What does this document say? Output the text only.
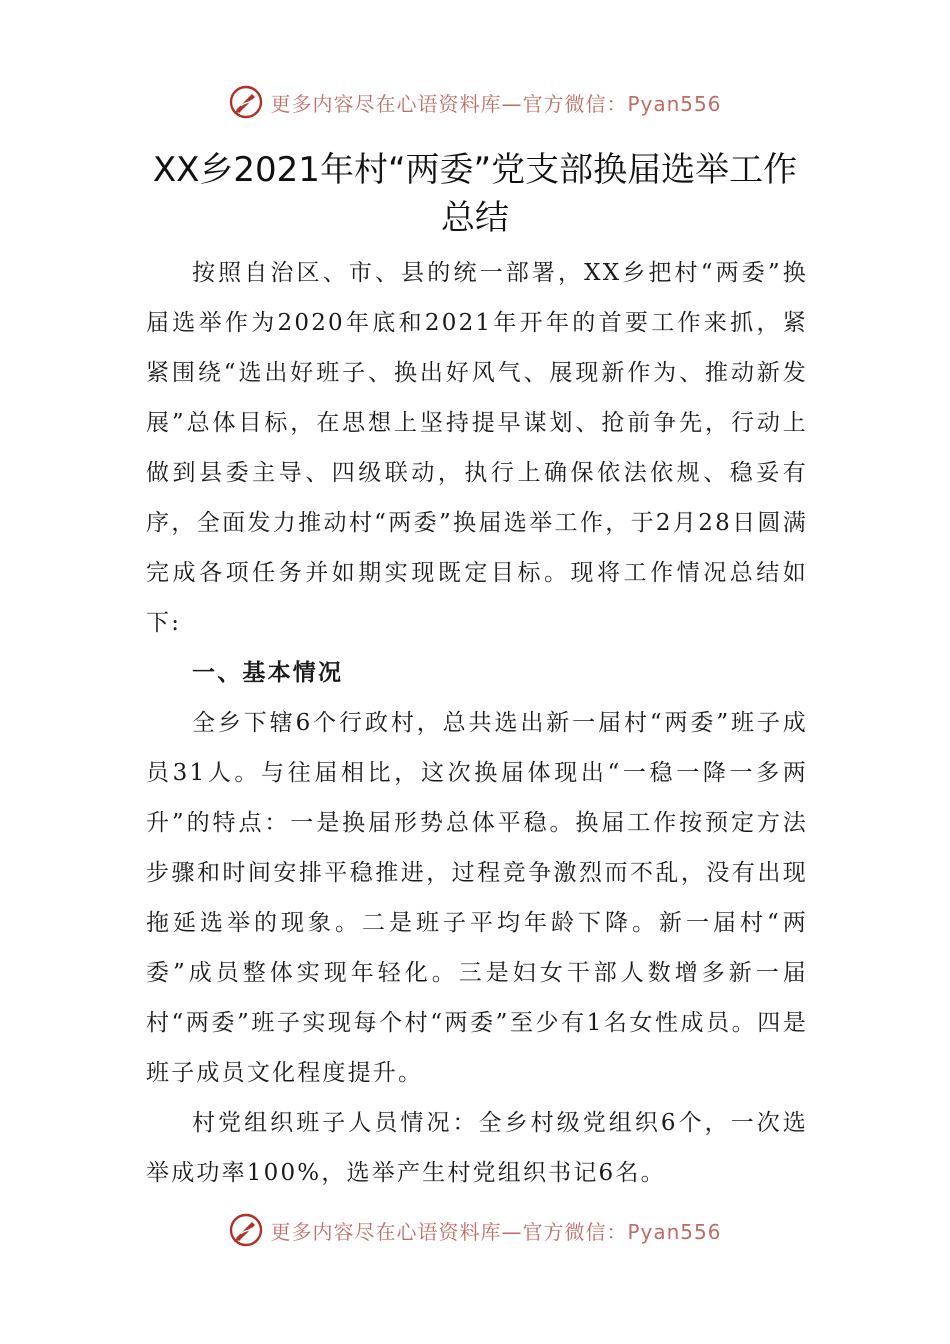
更多内容尽在心语资料库—官方微信：Pyan556
XX乡2021年村“两委”党支部换届选举工作总结

按照自治区、市、县的统一部署，XX乡把村“两委”换届选举作为2020年底和2021年开年的首要工作来抓，紧紧围绕“选出好班子、换出好风气、展现新作为、推动新发展”总体目标，在思想上坚持提早谋划、抢前争先，行动上做到县委主导、四级联动，执行上确保依法依规、稳妥有序，全面发力推动村“两委”换届选举工作，于2月28日圆满完成各项任务并如期实现既定目标。现将工作情况总结如下:

一、基本情况

全乡下辖6个行政村，总共选出新一届村“两委”班子成员31人。与往届相比，这次换届体现出“一稳一降一多两升”的特点：一是换届形势总体平稳。换届工作按预定方法步骤和时间安排平稳推进，过程竞争激烈而不乱，没有出现拖延选举的现象。二是班子平均年龄下降。新一届村“两委”成员整体实现年轻化。三是妇女干部人数增多新一届村“两委”班子实现每个村“两委”至少有1名女性成员。四是班子成员文化程度提升。

村党组织班子人员情况：全乡村级党组织6个，一次选举成功率100%，选举产生村党组织书记6名。

更多内容尽在心语资料库—官方微信：Pyan556
